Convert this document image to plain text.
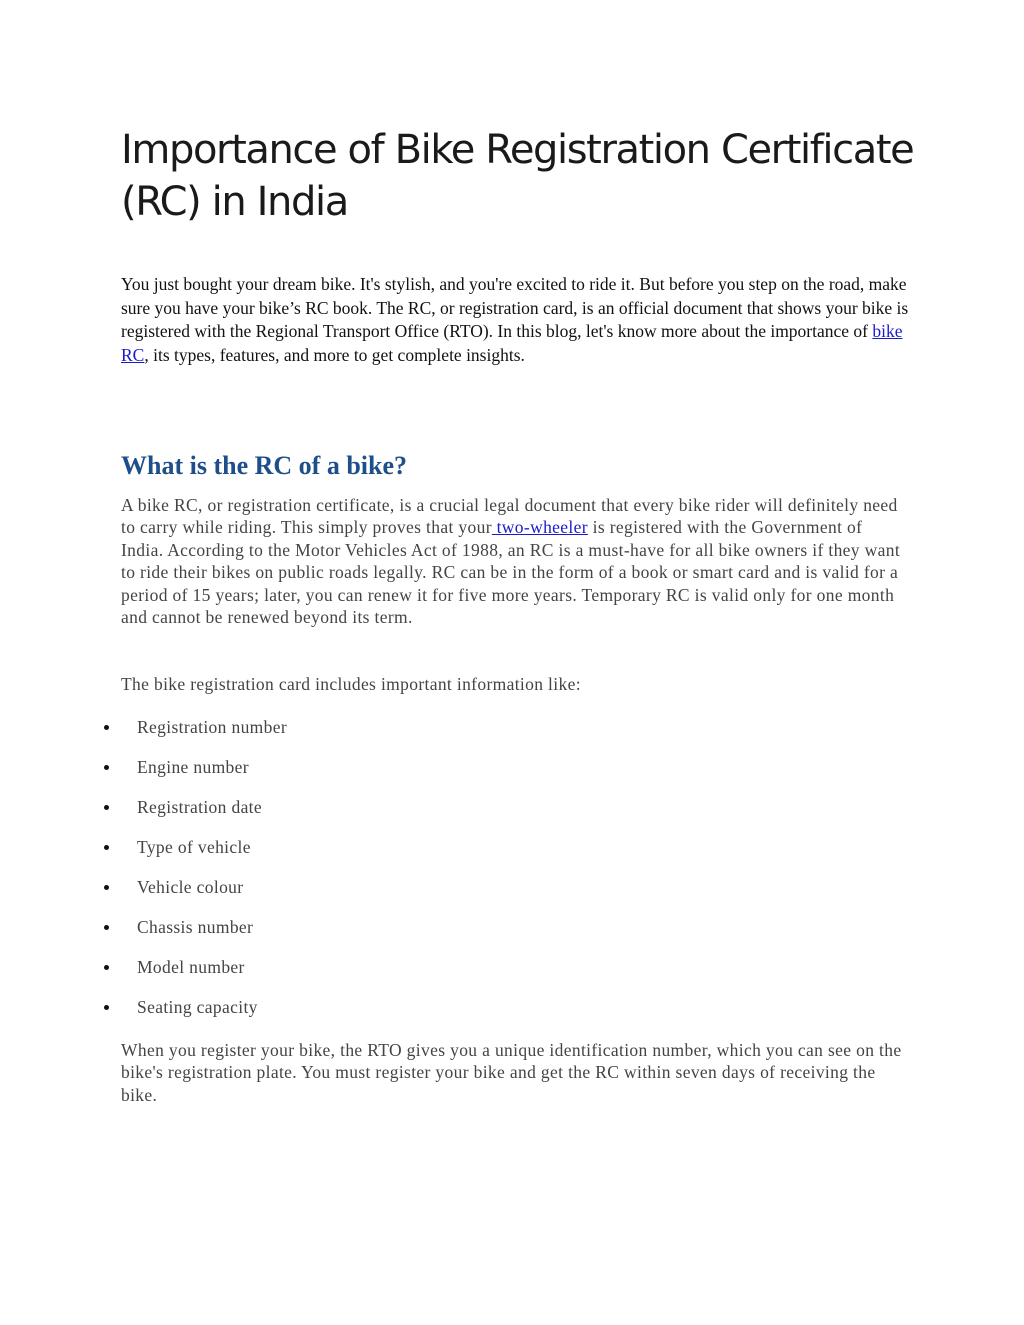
Importance of Bike Registration Certificate (RC) in India

You just bought your dream bike. It's stylish, and you're excited to ride it. But before you step on the road, make sure you have your bike’s RC book. The RC, or registration card, is an official document that shows your bike is registered with the Regional Transport Office (RTO). In this blog, let's know more about the importance of bike RC, its types, features, and more to get complete insights.

What is the RC of a bike?

A bike RC, or registration certificate, is a crucial legal document that every bike rider will definitely need to carry while riding. This simply proves that your two-wheeler is registered with the Government of India. According to the Motor Vehicles Act of 1988, an RC is a must-have for all bike owners if they want to ride their bikes on public roads legally. RC can be in the form of a book or smart card and is valid for a period of 15 years; later, you can renew it for five more years. Temporary RC is valid only for one month and cannot be renewed beyond its term.

The bike registration card includes important information like:

Registration number
Engine number
Registration date
Type of vehicle
Vehicle colour
Chassis number
Model number
Seating capacity

When you register your bike, the RTO gives you a unique identification number, which you can see on the bike's registration plate. You must register your bike and get the RC within seven days of receiving the bike.
